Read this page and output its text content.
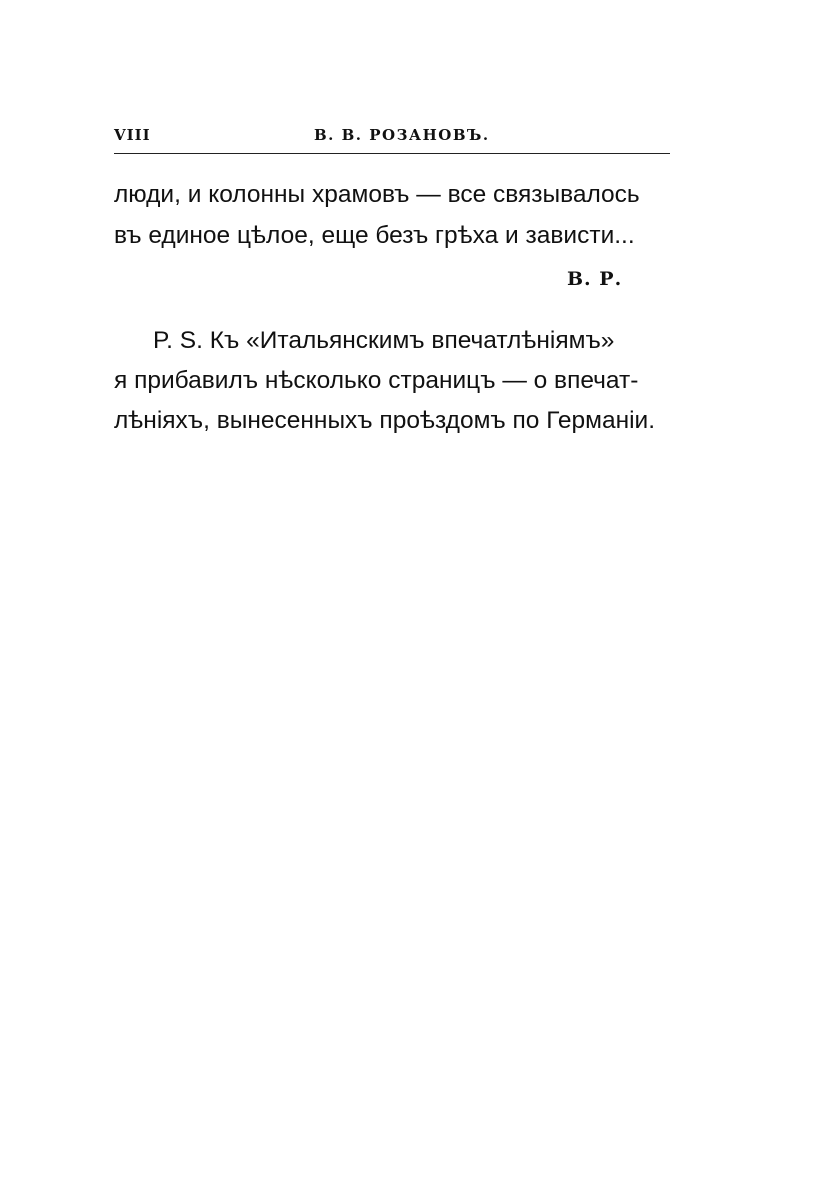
VIII	В. В. РОЗАНОВЪ.
люди, и колонны храмовъ — все связывалось
въ единое цѣлое, еще безъ грѣха и зависти...
В. Р.
P. S. Къ «Итальянскимъ впечатлѣніямъ»
я прибавилъ нѣсколько страницъ — о впечат-
лѣніяхъ, вынесенныхъ проѣздомъ по Германіи.
